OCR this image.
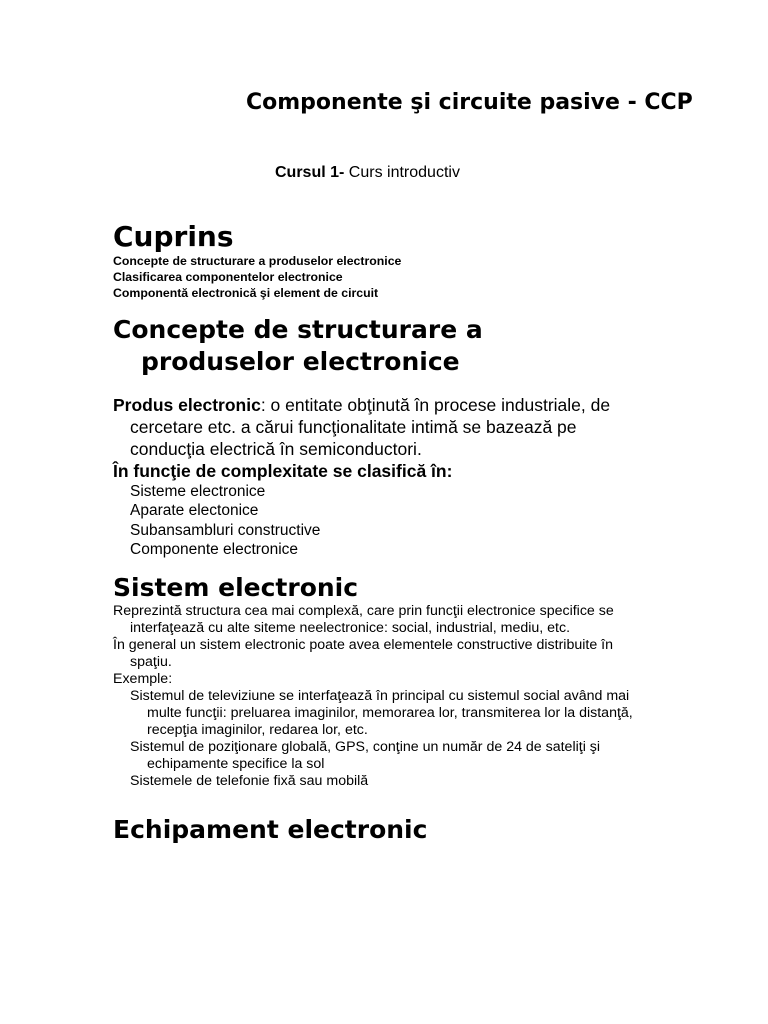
Componente şi circuite pasive - CCP

Cursul 1- Curs introductiv

Cuprins
Concepte de structurare a produselor electronice
Clasificarea componentelor electronice
Componentă electronică şi element de circuit
Concepte de structurare a produselor electronice

Produs electronic: o entitate obţinută în procese industriale, de cercetare etc. a cărui funcţionalitate intimă se bazează pe conducţia electrică în semiconductori.

În funcţie de complexitate se clasifică în:

Sisteme electronice
Aparate electonice
Subansambluri constructive
Componente electronice
Sistem electronic

Reprezintă structura cea mai complexă, care prin funcţii electronice specifice se interfaţează cu alte siteme neelectronice: social, industrial, mediu, etc.

În general un sistem electronic poate avea elementele constructive distribuite în spaţiu.

Exemple:

Sistemul de televiziune se interfaţează în principal cu sistemul social având mai multe funcţii: preluarea imaginilor, memorarea lor, transmiterea lor la distanţă, recepţia imaginilor, redarea lor, etc.
Sistemul de poziţionare globală, GPS, conţine un număr de 24 de sateliţi şi echipamente specifice la sol
Sistemele de telefonie fixă sau mobilă
Echipament electronic
